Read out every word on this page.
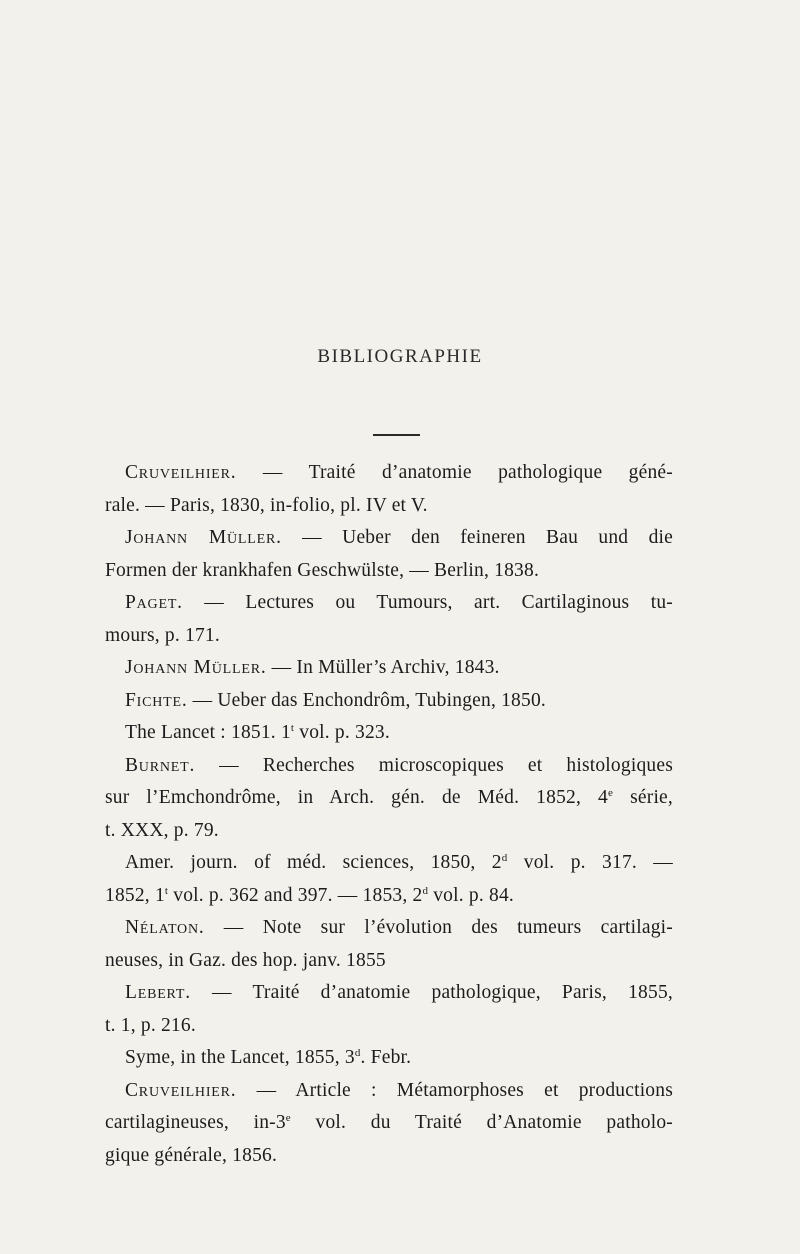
BIBLIOGRAPHIE
Cruveilhier. — Traité d’anatomie pathologique géné-
rale. — Paris, 1830, in-folio, pl. IV et V.
Johann Müller. — Ueber den feineren Bau und die
Formen der krankhafen Geschwülste, — Berlin, 1838.
Paget. — Lectures ou Tumours, art. Cartilaginous tu-
mours, p. 171.
Johann Müller. — In Müller’s Archiv, 1843.
Fichte. — Ueber das Enchondrôm, Tubingen, 1850.
The Lancet : 1851. 1$^t$ vol. p. 323.
Burnet. — Recherches microscopiques et histologiques
sur l’Emchondrôme, in Arch. gén. de Méd. 1852, 4e série,
t. XXX, p. 79.
Amer. journ. of méd. sciences, 1850, 2$^d$ vol. p. 317. —
1852, 1$^t$ vol. p. 362 and 397. — 1853, 2$^d$ vol. p. 84.
Nélaton. — Note sur l’évolution des tumeurs cartilagi-
neuses, in Gaz. des hop. janv. 1855
Lebert. — Traité d’anatomie pathologique, Paris, 1855,
t. 1, p. 216.
Syme, in the Lancet, 1855, 3$^d$. Febr.
Cruveilhier. — Article : Métamorphoses et productions
cartilagineuses, in-3e vol. du Traité d’Anatomie patholo-
gique générale, 1856.
